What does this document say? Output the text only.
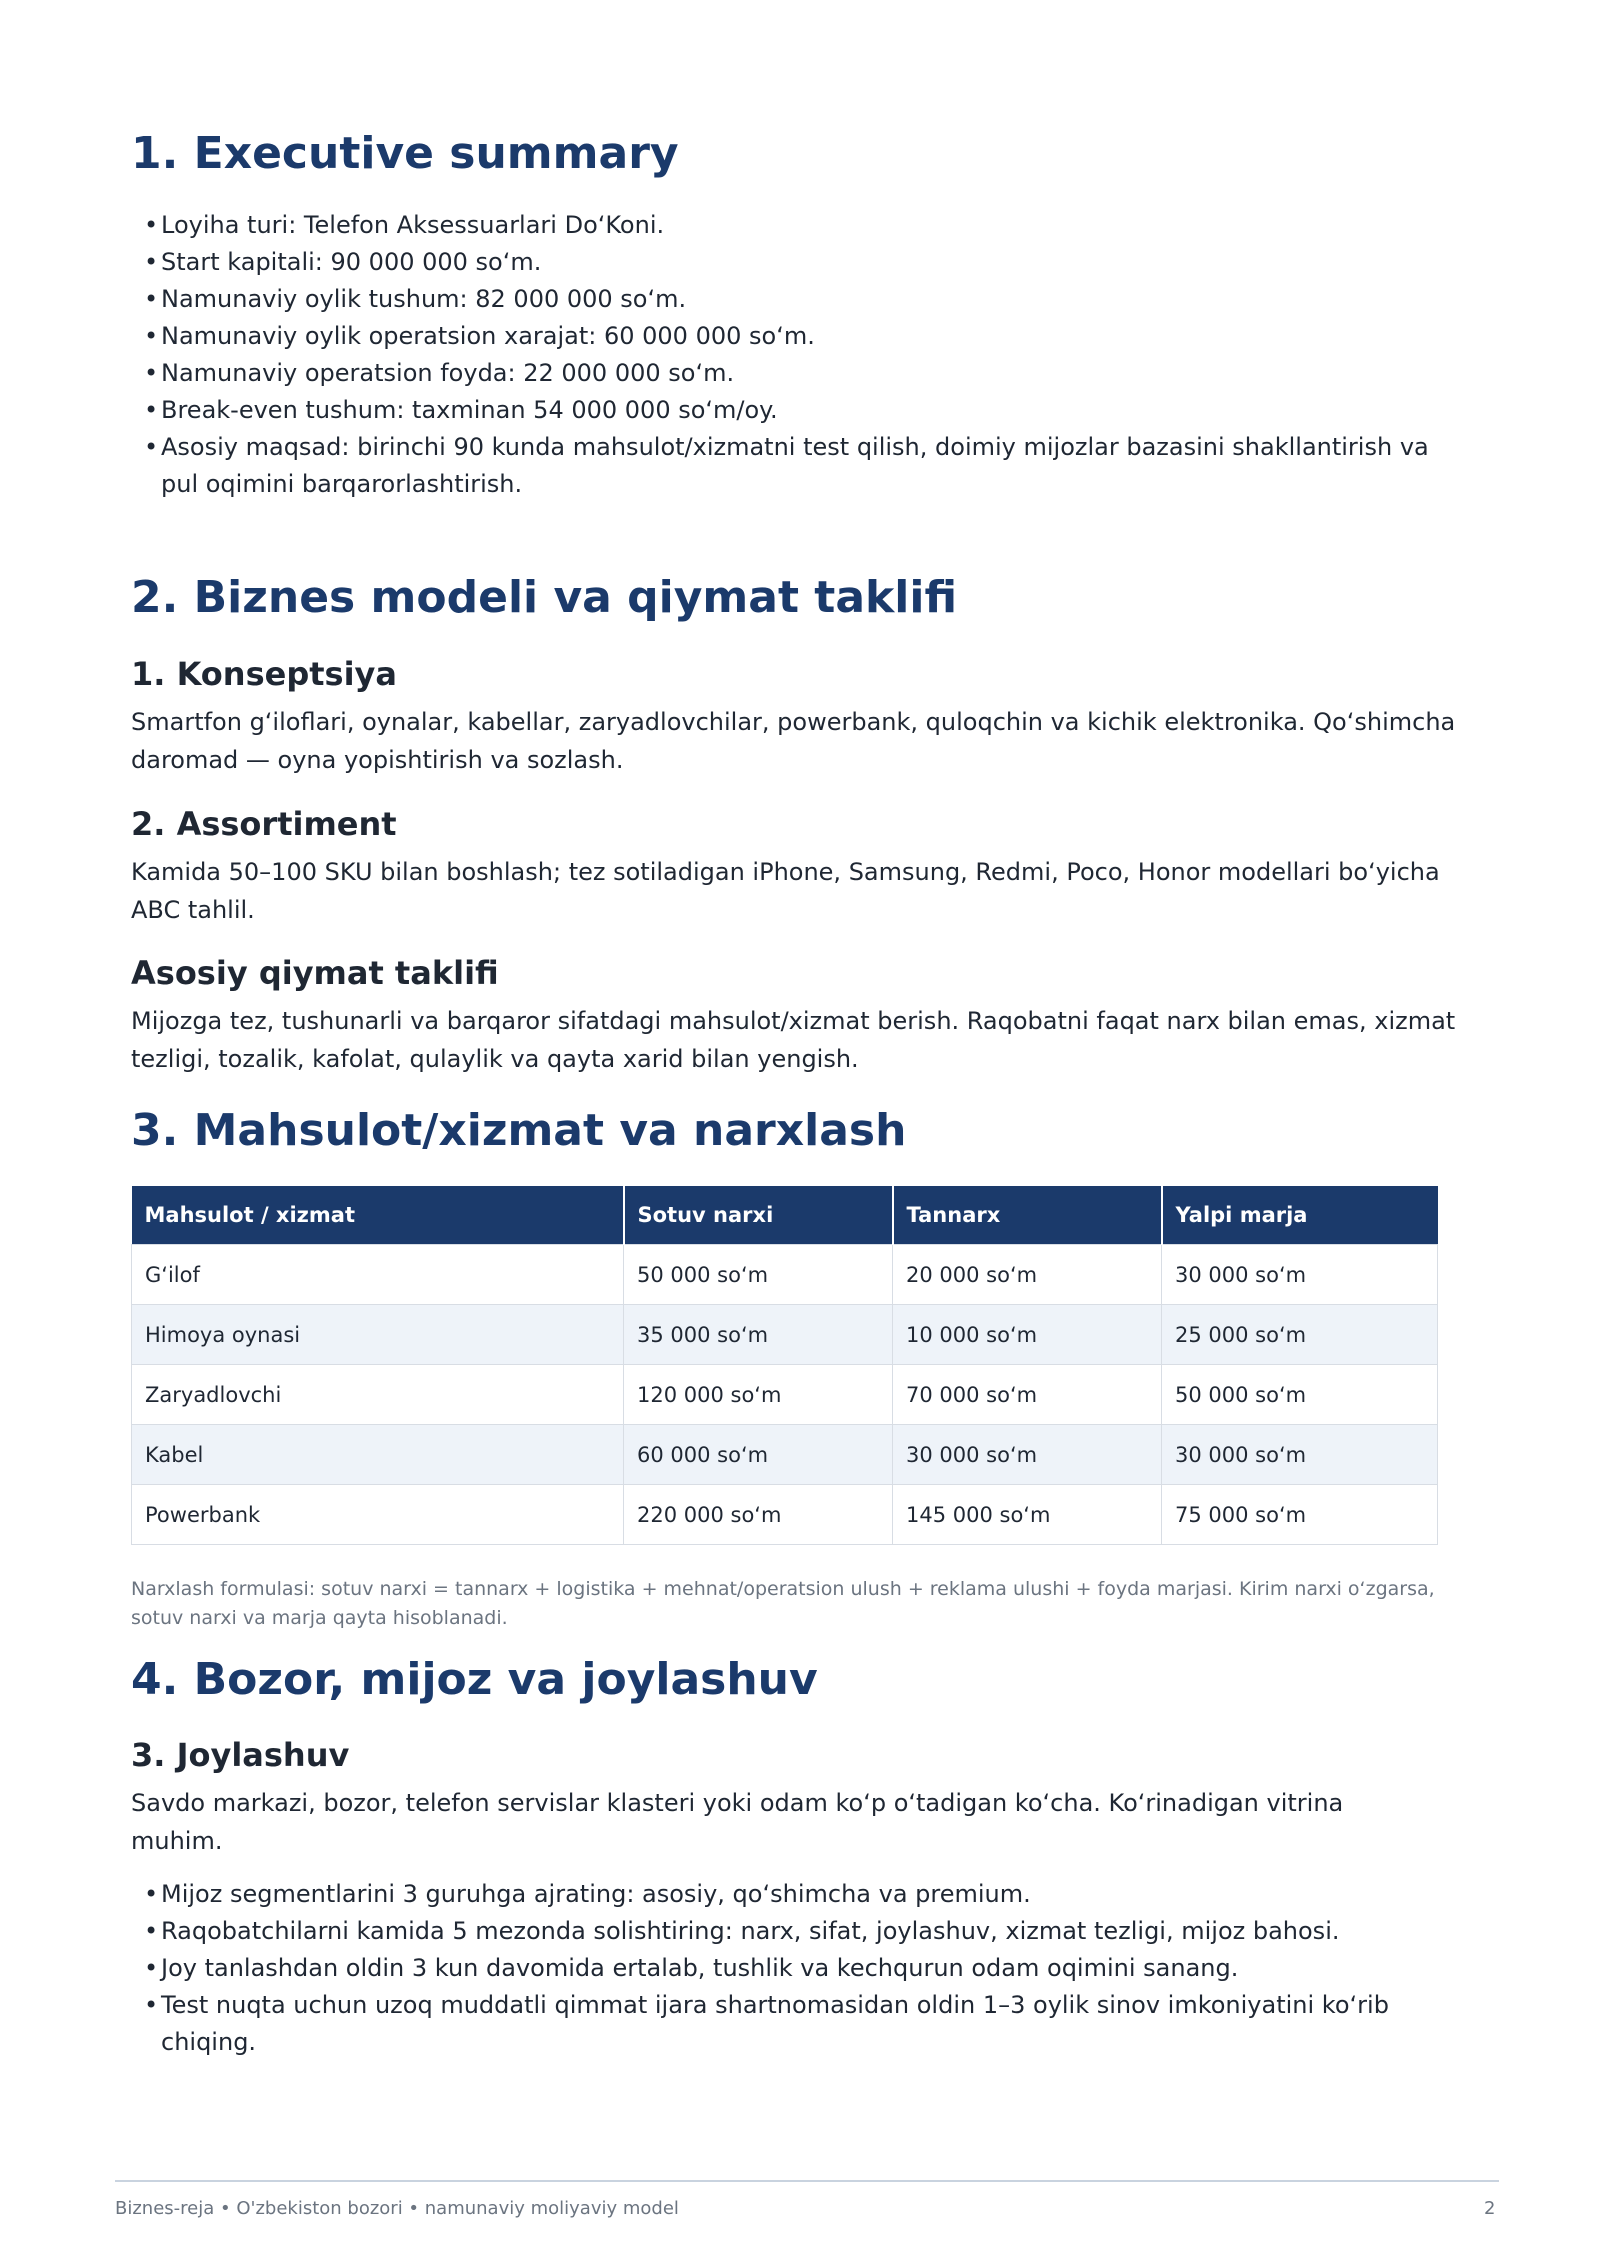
1. Executive summary
• Loyiha turi: Telefon Aksessuarlari Do‘Koni.
• Start kapitali: 90 000 000 so‘m.
• Namunaviy oylik tushum: 82 000 000 so‘m.
• Namunaviy oylik operatsion xarajat: 60 000 000 so‘m.
• Namunaviy operatsion foyda: 22 000 000 so‘m.
• Break-even tushum: taxminan 54 000 000 so‘m/oy.
• Asosiy maqsad: birinchi 90 kunda mahsulot/xizmatni test qilish, doimiy mijozlar bazasini shakllantirish va pul oqimini barqarorlashtirish.
2. Biznes modeli va qiymat taklifi
1. Konseptsiya

Smartfon g‘iloflari, oynalar, kabellar, zaryadlovchilar, powerbank, quloqchin va kichik elektronika. Qo‘shimcha daromad — oyna yopishtirish va sozlash.

2. Assortiment

Kamida 50–100 SKU bilan boshlash; tez sotiladigan iPhone, Samsung, Redmi, Poco, Honor modellari bo‘yicha ABC tahlil.

Asosiy qiymat taklifi

Mijozga tez, tushunarli va barqaror sifatdagi mahsulot/xizmat berish. Raqobatni faqat narx bilan emas, xizmat tezligi, tozalik, kafolat, qulaylik va qayta xarid bilan yengish.

3. Mahsulot/xizmat va narxlash
Mahsulot / xizmat	Sotuv narxi	Tannarx	Yalpi marja
G‘ilof	50 000 so‘m	20 000 so‘m	30 000 so‘m
Himoya oynasi	35 000 so‘m	10 000 so‘m	25 000 so‘m
Zaryadlovchi	120 000 so‘m	70 000 so‘m	50 000 so‘m
Kabel	60 000 so‘m	30 000 so‘m	30 000 so‘m
Powerbank	220 000 so‘m	145 000 so‘m	75 000 so‘m

Narxlash formulasi: sotuv narxi = tannarx + logistika + mehnat/operatsion ulush + reklama ulushi + foyda marjasi. Kirim narxi o‘zgarsa, sotuv narxi va marja qayta hisoblanadi.

4. Bozor, mijoz va joylashuv
3. Joylashuv

Savdo markazi, bozor, telefon servislar klasteri yoki odam ko‘p o‘tadigan ko‘cha. Ko‘rinadigan vitrina muhim.

• Mijoz segmentlarini 3 guruhga ajrating: asosiy, qo‘shimcha va premium.
• Raqobatchilarni kamida 5 mezonda solishtiring: narx, sifat, joylashuv, xizmat tezligi, mijoz bahosi.
• Joy tanlashdan oldin 3 kun davomida ertalab, tushlik va kechqurun odam oqimini sanang.
• Test nuqta uchun uzoq muddatli qimmat ijara shartnomasidan oldin 1–3 oylik sinov imkoniyatini ko‘rib chiqing.
Biznes-reja • O'zbekiston bozori • namunaviy moliyaviy model	2
